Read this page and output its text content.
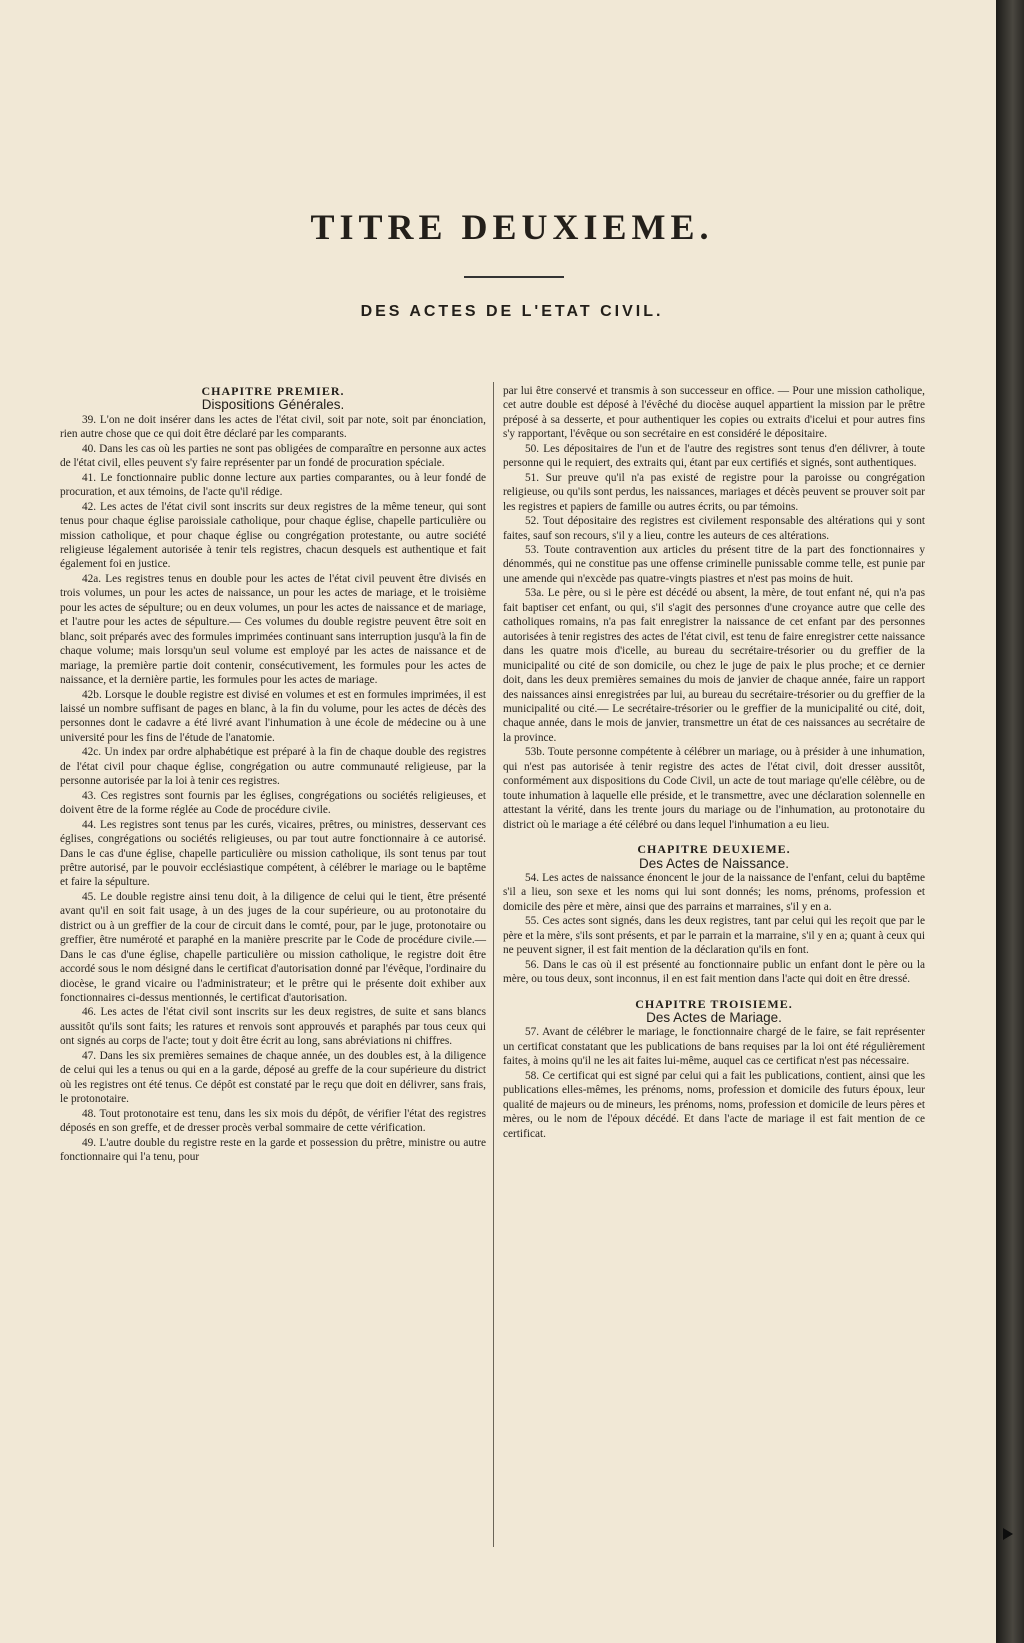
TITRE DEUXIEME.
DES ACTES DE L'ETAT CIVIL.

CHAPITRE PREMIER.

Dispositions Générales.

39. L'on ne doit insérer dans les actes de l'état civil, soit par note, soit par énonciation, rien autre chose que ce qui doit être déclaré par les comparants.

40. Dans les cas où les parties ne sont pas obligées de comparaître en personne aux actes de l'état civil, elles peuvent s'y faire représenter par un fondé de procuration spéciale.

41. Le fonctionnaire public donne lecture aux parties comparantes, ou à leur fondé de procuration, et aux témoins, de l'acte qu'il rédige.

42. Les actes de l'état civil sont inscrits sur deux registres de la même teneur, qui sont tenus pour chaque église paroissiale catholique, pour chaque église, chapelle particulière ou mission catholique, et pour chaque église ou congrégation protestante, ou autre société religieuse légalement autorisée à tenir tels registres, chacun desquels est authentique et fait également foi en justice.

42a. Les registres tenus en double pour les actes de l'état civil peuvent être divisés en trois volumes, un pour les actes de naissance, un pour les actes de mariage, et le troisième pour les actes de sépulture; ou en deux volumes, un pour les actes de naissance et de mariage, et l'autre pour les actes de sépulture.— Ces volumes du double registre peuvent être soit en blanc, soit préparés avec des formules imprimées continuant sans interruption jusqu'à la fin de chaque volume; mais lorsqu'un seul volume est employé par les actes de naissance et de mariage, la première partie doit contenir, consécutivement, les formules pour les actes de naissance, et la dernière partie, les formules pour les actes de mariage.

42b. Lorsque le double registre est divisé en volumes et est en formules imprimées, il est laissé un nombre suffisant de pages en blanc, à la fin du volume, pour les actes de décès des personnes dont le cadavre a été livré avant l'inhumation à une école de médecine ou à une université pour les fins de l'étude de l'anatomie.

42c. Un index par ordre alphabétique est préparé à la fin de chaque double des registres de l'état civil pour chaque église, congrégation ou autre communauté religieuse, par la personne autorisée par la loi à tenir ces registres.

43. Ces registres sont fournis par les églises, congrégations ou sociétés religieuses, et doivent être de la forme réglée au Code de procédure civile.

44. Les registres sont tenus par les curés, vicaires, prêtres, ou ministres, desservant ces églises, congrégations ou sociétés religieuses, ou par tout autre fonctionnaire à ce autorisé. Dans le cas d'une église, chapelle particulière ou mission catholique, ils sont tenus par tout prêtre autorisé, par le pouvoir ecclésiastique compétent, à célébrer le mariage ou le baptême et faire la sépulture.

45. Le double registre ainsi tenu doit, à la diligence de celui qui le tient, être présenté avant qu'il en soit fait usage, à un des juges de la cour supérieure, ou au protonotaire du district ou à un greffier de la cour de circuit dans le comté, pour, par le juge, protonotaire ou greffier, être numéroté et paraphé en la manière prescrite par le Code de procédure civile.—Dans le cas d'une église, chapelle particulière ou mission catholique, le registre doit être accordé sous le nom désigné dans le certificat d'autorisation donné par l'évêque, l'ordinaire du diocèse, le grand vicaire ou l'administrateur; et le prêtre qui le présente doit exhiber aux fonctionnaires ci-dessus mentionnés, le certificat d'autorisation.

46. Les actes de l'état civil sont inscrits sur les deux registres, de suite et sans blancs aussitôt qu'ils sont faits; les ratures et renvois sont approuvés et paraphés par tous ceux qui ont signés au corps de l'acte; tout y doit être écrit au long, sans abréviations ni chiffres.

47. Dans les six premières semaines de chaque année, un des doubles est, à la diligence de celui qui les a tenus ou qui en a la garde, déposé au greffe de la cour supérieure du district où les registres ont été tenus. Ce dépôt est constaté par le reçu que doit en délivrer, sans frais, le protonotaire.

48. Tout protonotaire est tenu, dans les six mois du dépôt, de vérifier l'état des registres déposés en son greffe, et de dresser procès verbal sommaire de cette vérification.

49. L'autre double du registre reste en la garde et possession du prêtre, ministre ou autre fonctionnaire qui l'a tenu, pour

par lui être conservé et transmis à son successeur en office. — Pour une mission catholique, cet autre double est déposé à l'évêché du diocèse auquel appartient la mission par le prêtre préposé à sa desserte, et pour authentiquer les copies ou extraits d'icelui et pour autres fins s'y rapportant, l'évêque ou son secrétaire en est considéré le dépositaire.

50. Les dépositaires de l'un et de l'autre des registres sont tenus d'en délivrer, à toute personne qui le requiert, des extraits qui, étant par eux certifiés et signés, sont authentiques.

51. Sur preuve qu'il n'a pas existé de registre pour la paroisse ou congrégation religieuse, ou qu'ils sont perdus, les naissances, mariages et décès peuvent se prouver soit par les registres et papiers de famille ou autres écrits, ou par témoins.

52. Tout dépositaire des registres est civilement responsable des altérations qui y sont faites, sauf son recours, s'il y a lieu, contre les auteurs de ces altérations.

53. Toute contravention aux articles du présent titre de la part des fonctionnaires y dénommés, qui ne constitue pas une offense criminelle punissable comme telle, est punie par une amende qui n'excède pas quatre-vingts piastres et n'est pas moins de huit.

53a. Le père, ou si le père est décédé ou absent, la mère, de tout enfant né, qui n'a pas fait baptiser cet enfant, ou qui, s'il s'agit des personnes d'une croyance autre que celle des catholiques romains, n'a pas fait enregistrer la naissance de cet enfant par des personnes autorisées à tenir registres des actes de l'état civil, est tenu de faire enregistrer cette naissance dans les quatre mois d'icelle, au bureau du secrétaire-trésorier ou du greffier de la municipalité ou cité de son domicile, ou chez le juge de paix le plus proche; et ce dernier doit, dans les deux premières semaines du mois de janvier de chaque année, faire un rapport des naissances ainsi enregistrées par lui, au bureau du secrétaire-trésorier ou du greffier de la municipalité ou cité.— Le secrétaire-trésorier ou le greffier de la municipalité ou cité, doit, chaque année, dans le mois de janvier, transmettre un état de ces naissances au secrétaire de la province.

53b. Toute personne compétente à célébrer un mariage, ou à présider à une inhumation, qui n'est pas autorisée à tenir registre des actes de l'état civil, doit dresser aussitôt, conformément aux dispositions du Code Civil, un acte de tout mariage qu'elle célèbre, ou de toute inhumation à laquelle elle préside, et le transmettre, avec une déclaration solennelle en attestant la vérité, dans les trente jours du mariage ou de l'inhumation, au protonotaire du district où le mariage a été célébré ou dans lequel l'inhumation a eu lieu.

CHAPITRE DEUXIEME.

Des Actes de Naissance.

54. Les actes de naissance énoncent le jour de la naissance de l'enfant, celui du baptême s'il a lieu, son sexe et les noms qui lui sont donnés; les noms, prénoms, profession et domicile des père et mère, ainsi que des parrains et marraines, s'il y en a.

55. Ces actes sont signés, dans les deux registres, tant par celui qui les reçoit que par le père et la mère, s'ils sont présents, et par le parrain et la marraine, s'il y en a; quant à ceux qui ne peuvent signer, il est fait mention de la déclaration qu'ils en font.

56. Dans le cas où il est présenté au fonctionnaire public un enfant dont le père ou la mère, ou tous deux, sont inconnus, il en est fait mention dans l'acte qui doit en être dressé.

CHAPITRE TROISIEME.

Des Actes de Mariage.

57. Avant de célébrer le mariage, le fonctionnaire chargé de le faire, se fait représenter un certificat constatant que les publications de bans requises par la loi ont été régulièrement faites, à moins qu'il ne les ait faites lui-même, auquel cas ce certificat n'est pas nécessaire.

58. Ce certificat qui est signé par celui qui a fait les publications, contient, ainsi que les publications elles-mêmes, les prénoms, noms, profession et domicile des futurs époux, leur qualité de majeurs ou de mineurs, les prénoms, noms, profession et domicile de leurs pères et mères, ou le nom de l'époux décédé. Et dans l'acte de mariage il est fait mention de ce certificat.
